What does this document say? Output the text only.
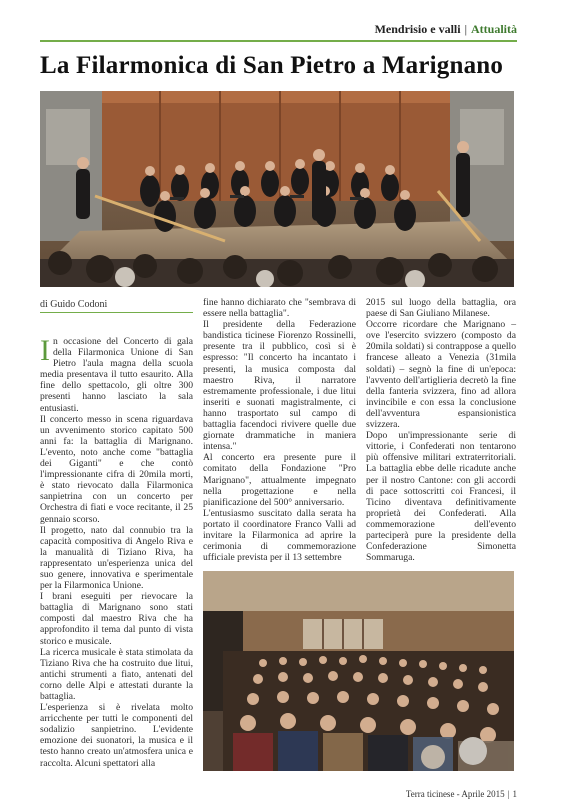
Mendrisio e valli | Attualità
La Filarmonica di San Pietro a Marignano
di Guido Codoni

In occasione del Concerto di gala della Filarmonica Unione di San Pietro l'aula magna della scuola media presentava il tutto esaurito. Alla fine dello spettacolo, gli oltre 300 presenti hanno lasciato la sala entusiasti.

Il concerto messo in scena riguardava un avvenimento storico capitato 500 anni fa: la battaglia di Marignano. L'evento, noto anche come "battaglia dei Giganti" e che contò l'impressionante cifra di 20mila morti, è stato rievocato dalla Filarmonica sanpietrina con un concerto per Orchestra di fiati e voce recitante, il 25 gennaio scorso.

Il progetto, nato dal connubio tra la capacità compositiva di Angelo Riva e la manualità di Tiziano Riva, ha rappresentato un'esperienza unica del suo genere, innovativa e sperimentale per la Filarmonica Unione.

I brani eseguiti per rievocare la battaglia di Marignano sono stati composti dal maestro Riva che ha approfondito il tema dal punto di vista storico e musicale.

La ricerca musicale è stata stimolata da Tiziano Riva che ha costruito due litui, antichi strumenti a fiato, antenati del corno delle Alpi e attestati durante la battaglia.

L'esperienza si è rivelata molto arricchente per tutti le componenti del sodalizio sanpietrino. L'evidente emozione dei suonatori, la musica e il testo hanno creato un'atmosfera unica e raccolta. Alcuni spettatori alla

fine hanno dichiarato che "sembrava di essere nella battaglia".

Il presidente della Federazione bandistica ticinese Fiorenzo Rossinelli, presente tra il pubblico, così si è espresso: "Il concerto ha incantato i presenti, la musica composta dal maestro Riva, il narratore estremamente professionale, i due litui inseriti e suonati magistralmente, ci hanno trasportato sul campo di battaglia facendoci rivivere quelle due giornate drammatiche in maniera intensa."

Al concerto era presente pure il comitato della Fondazione "Pro Marignano", attualmente impegnato nella progettazione e nella pianificazione del 500° anniversario.

L'entusiasmo suscitato dalla serata ha portato il coordinatore Franco Valli ad invitare la Filarmonica ad aprire la cerimonia di commemorazione ufficiale prevista per il 13 settembre

2015 sul luogo della battaglia, ora paese di San Giuliano Milanese.

Occorre ricordare che Marignano – ove l'esercito svizzero (composto da 20mila soldati) si contrappose a quello francese alleato a Venezia (31mila soldati) – segnò la fine di un'epoca: l'avvento dell'artiglieria decretò la fine della fanteria svizzera, fino ad allora invincibile e con essa la conclusione dell'avventura espansionistica svizzera.

Dopo un'impressionante serie di vittorie, i Confederati non tentarono più offensive militari extraterritoriali. La battaglia ebbe delle ricadute anche per il nostro Cantone: con gli accordi di pace sottoscritti coi Francesi, il Ticino diventava definitivamente proprietà dei Confederati. Alla commemorazione dell'evento parteciperà pure la presidente della Confederazione Simonetta Sommaruga.

Terra ticinese - Aprile 2015 | 1
